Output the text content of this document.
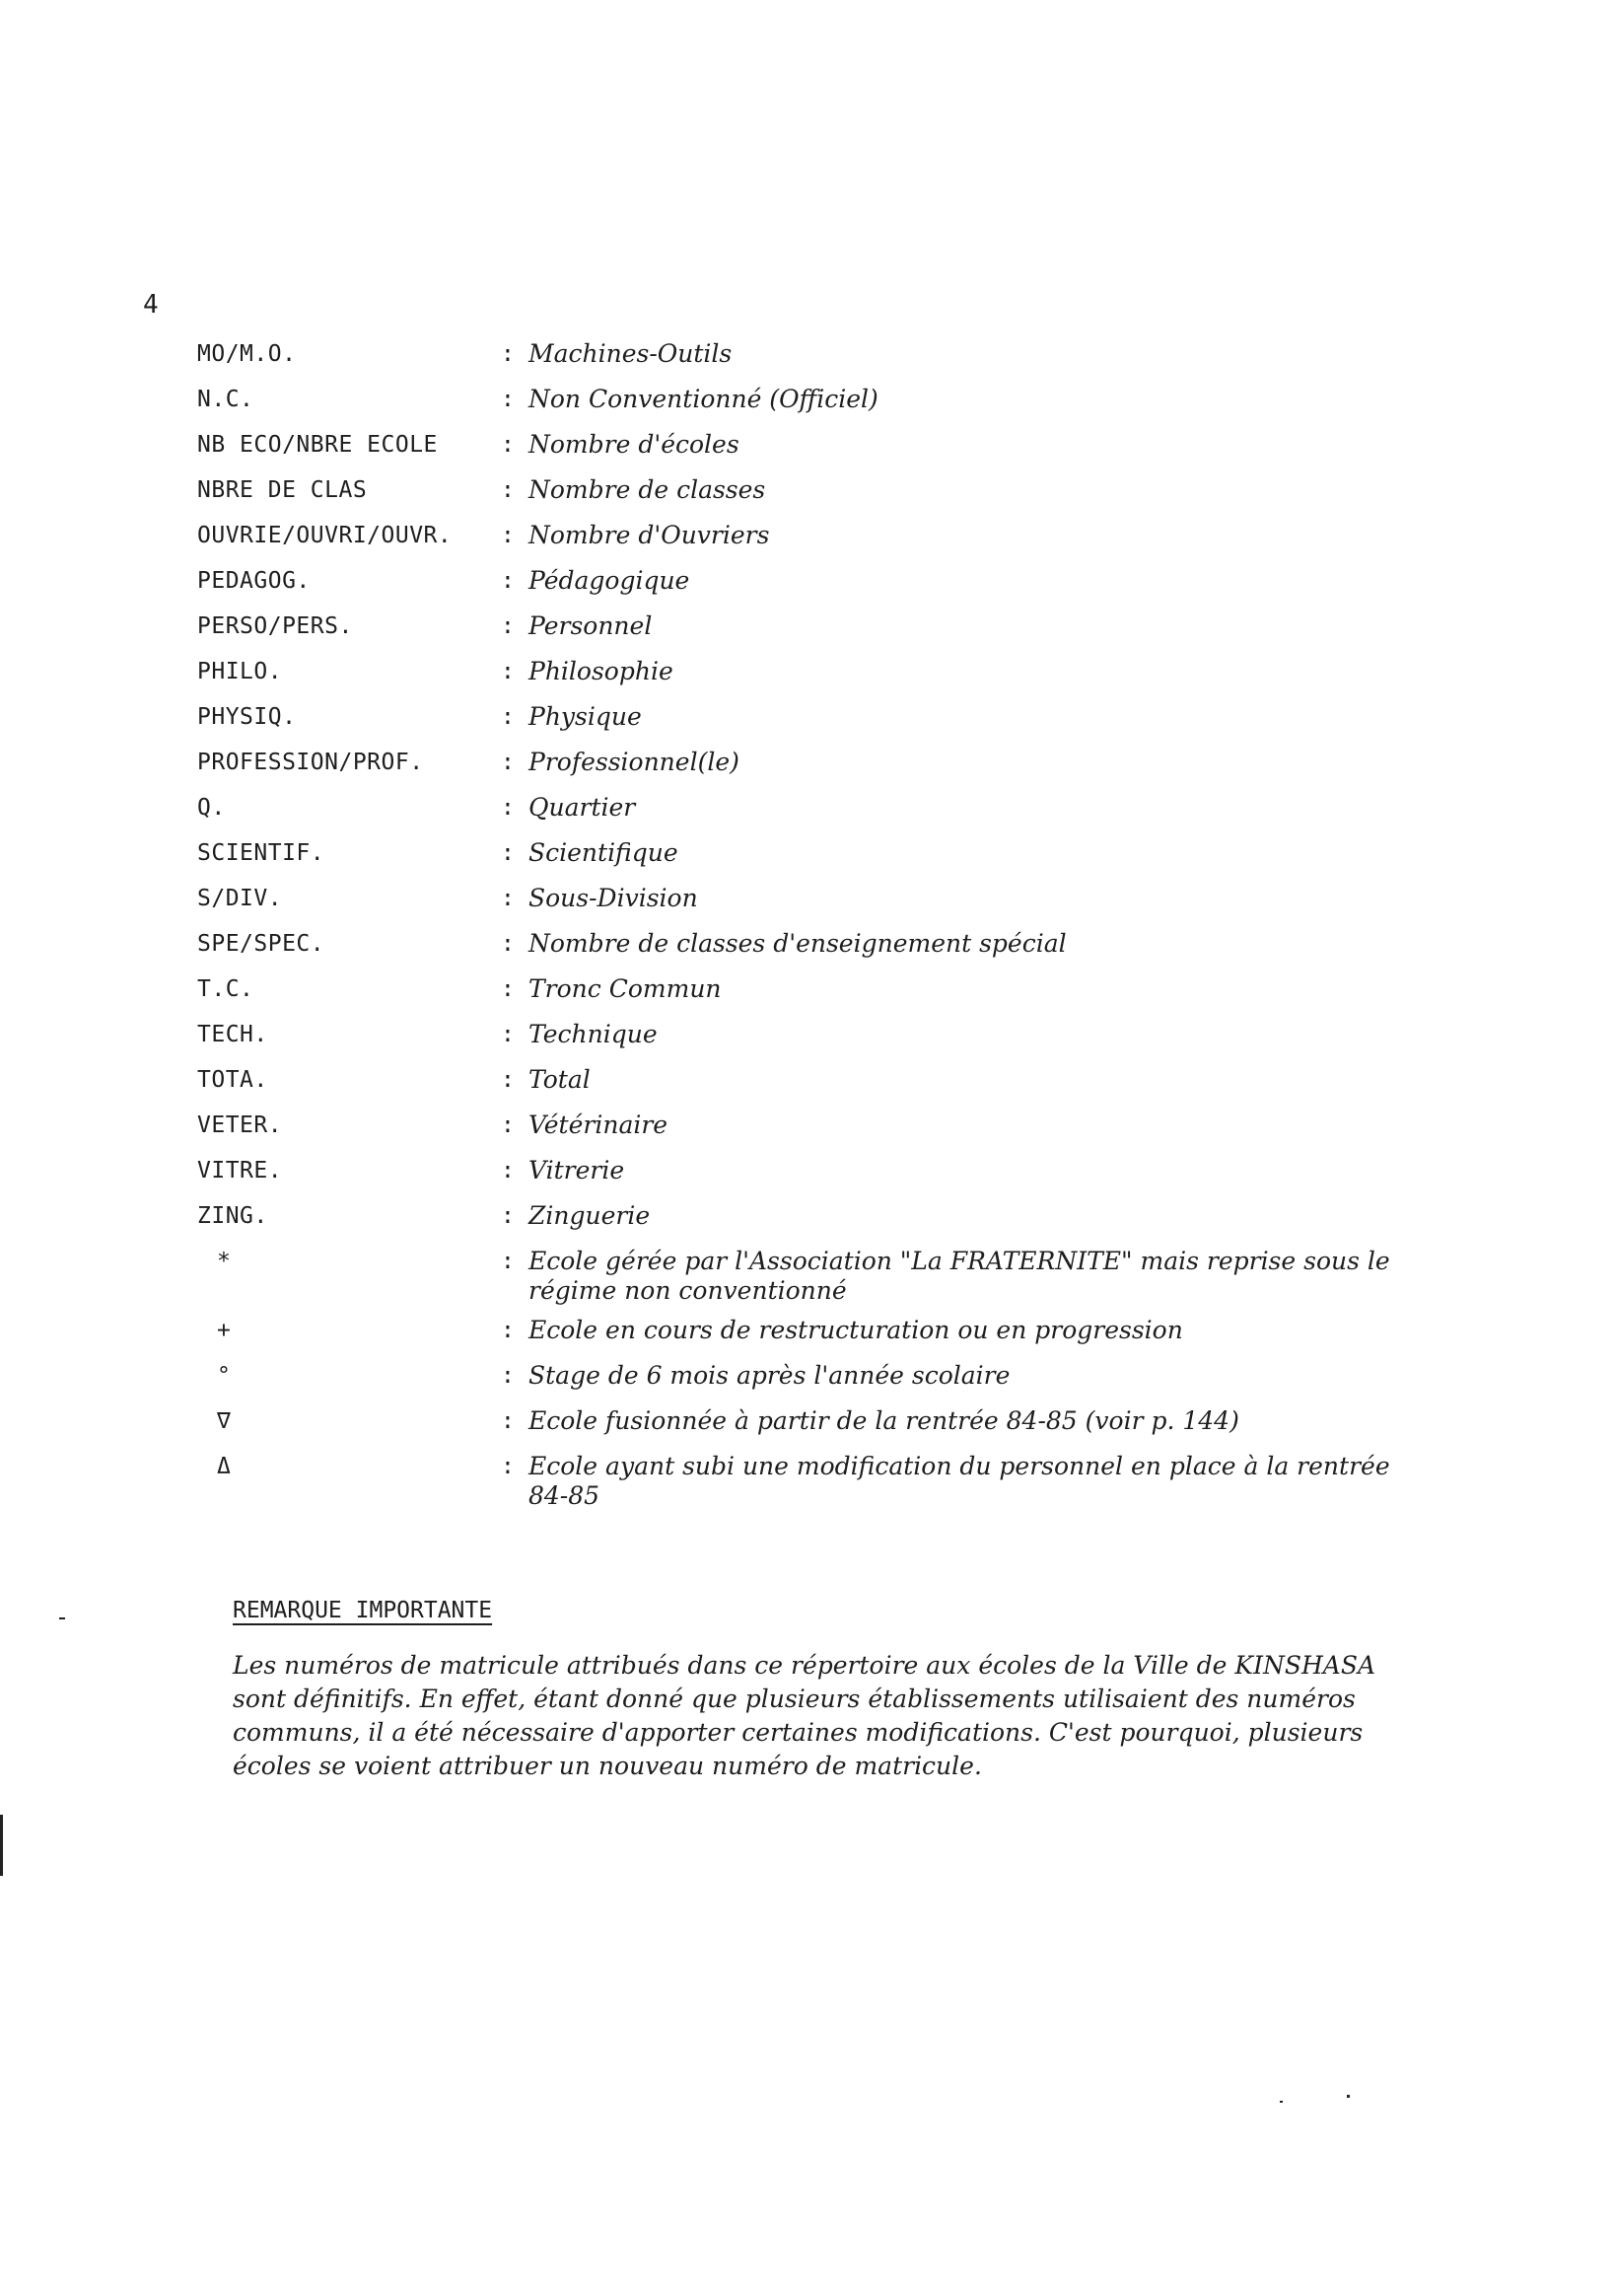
4
MO/M.O.	: Machines-Outils
N.C.	: Non Conventionné (Officiel)
NB ECO/NBRE ECOLE	: Nombre d'écoles
NBRE DE CLAS	: Nombre de classes
OUVRIE/OUVRI/OUVR.	: Nombre d'Ouvriers
PEDAGOG.	: Pédagogique
PERSO/PERS.	: Personnel
PHILO.	: Philosophie
PHYSIQ.	: Physique
PROFESSION/PROF.	: Professionnel(le)
Q.	: Quartier
SCIENTIF.	: Scientifique
S/DIV.	: Sous-Division
SPE/SPEC.	: Nombre de classes d'enseignement spécial
T.C.	: Tronc Commun
TECH.	: Technique
TOTA.	: Total
VETER.	: Vétérinaire
VITRE.	: Vitrerie
ZING.	: Zinguerie
*	: Ecole gérée par l'Association "La FRATERNITE" mais reprise sous le régime non conventionné
+	: Ecole en cours de restructuration ou en progression
°	: Stage de 6 mois après l'année scolaire
∇	: Ecole fusionnée à partir de la rentrée 84-85 (voir p. 144)
Δ	: Ecole ayant subi une modification du personnel en place à la rentrée 84-85
REMARQUE IMPORTANTE
Les numéros de matricule attribués dans ce répertoire aux écoles de la Ville de KINSHASA sont définitifs. En effet, étant donné que plusieurs établissements utilisaient des numéros communs, il a été nécessaire d'apporter certaines modifications. C'est pourquoi, plusieurs écoles se voient attribuer un nouveau numéro de matricule.
